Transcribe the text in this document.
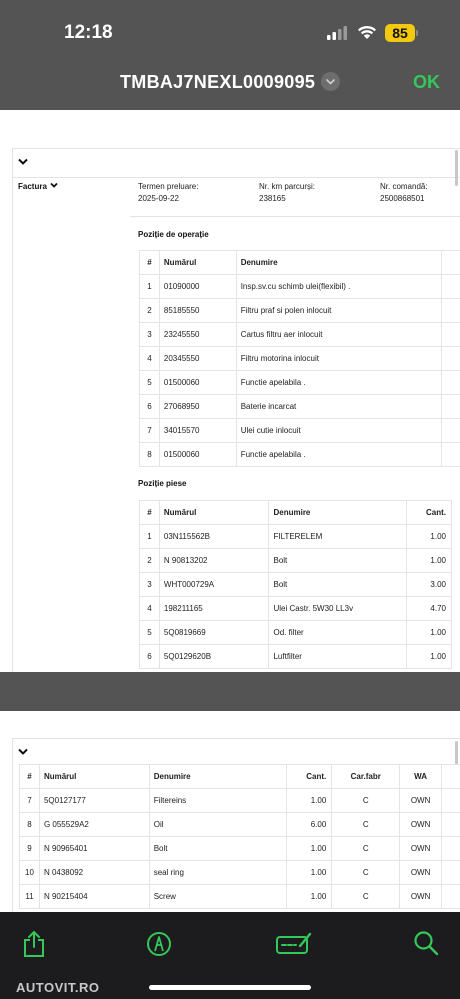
12:18	85
TMBAJ7NEXL0009095	OK
Factura	Termen preluare:
2025-09-22
Nr. km parcurși:
238165
Nr. comandă:
2500868501
Poziție de operație
#	Numărul	Denumire	
1	01090000	Insp.sv.cu schimb ulei(flexibil) .	
2	85185550	Filtru praf si polen inlocuit	
3	23245550	Cartus filtru aer inlocuit	
4	20345550	Filtru motorina inlocuit	
5	01500060	Functie apelabila .	
6	27068950	Baterie incarcat	
7	34015570	Ulei cutie inlocuit	
8	01500060	Functie apelabila .	
Poziție piese
#	Numărul	Denumire	Cant.
1	03N115562B	FILTERELEM	1.00
2	N 90813202	Bolt	1.00
3	WHT000729A	Bolt	3.00
4	198211165	Ulei Castr. 5W30 LL3v	4.70
5	5Q0819669	Od. filter	1.00
6	5Q0129620B	Luftfilter	1.00
#	Numărul	Denumire	Cant.	Car.fabr	WA	
7	5Q0127177	Filtereins	1.00	C	OWN	
8	G 055529A2	Oil	6.00	C	OWN	
9	N 90965401	Bolt	1.00	C	OWN	
10	N 0438092	seal ring	1.00	C	OWN	
11	N 90215404	Screw	1.00	C	OWN	
AUTOVIT.RO
